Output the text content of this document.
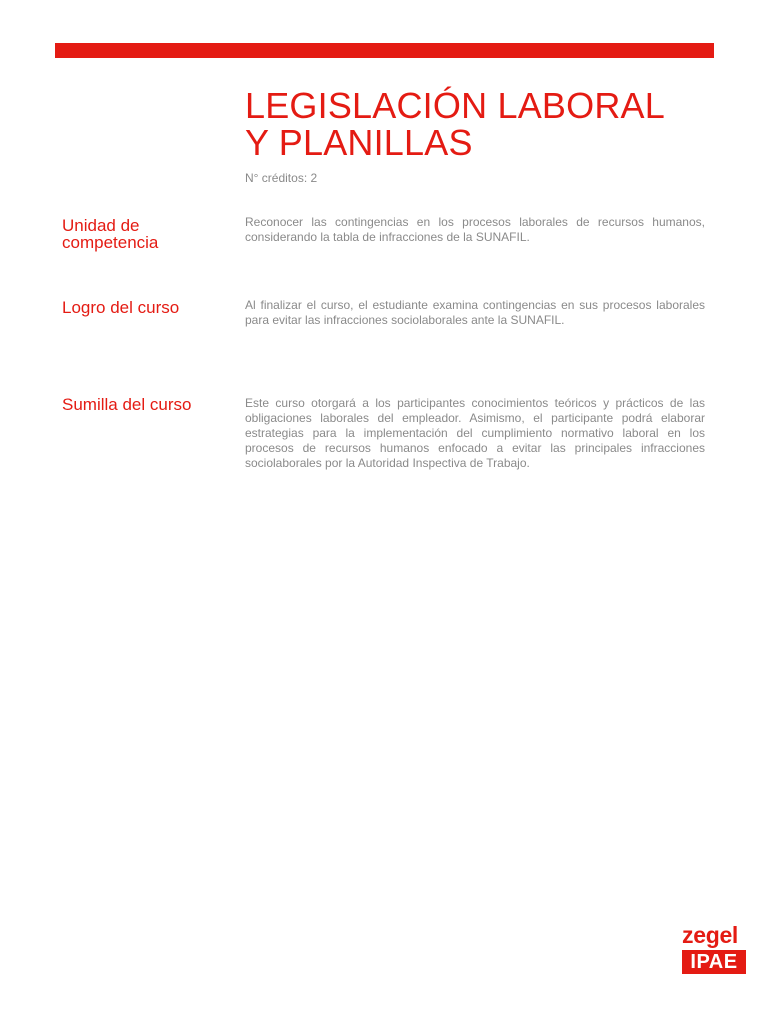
LEGISLACIÓN LABORAL
Y PLANILLAS
N° créditos: 2
Unidad de
competencia

Reconocer las contingencias en los procesos laborales de recursos humanos, considerando la tabla de infracciones de la SUNAFIL.

Logro del curso	Al finalizar el curso, el estudiante examina contingencias en sus procesos laborales para evitar las infracciones sociolaborales ante la SUNAFIL.

Sumilla del curso	Este curso otorgará a los participantes conocimientos teóricos y prácticos de las obligaciones laborales del empleador. Asimismo, el participante podrá elaborar estrategias para la implementación del cumplimiento normativo laboral en los procesos de recursos humanos enfocado a evitar las principales infracciones sociolaborales por la Autoridad Inspectiva de Trabajo.

zegel
IPAE
